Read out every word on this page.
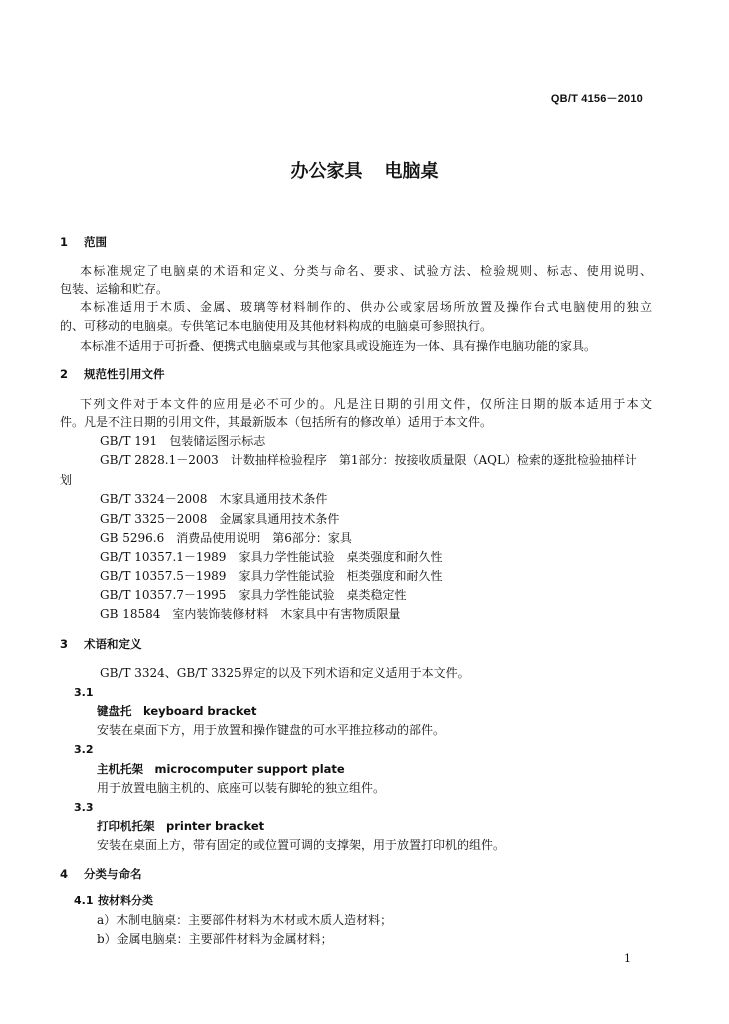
QB/T 4156－2010
办公家具 电脑桌
1 范围
本标准规定了电脑桌的术语和定义、分类与命名、要求、试验方法、检验规则、标志、使用说明、
包装、运输和贮存。
本标准适用于木质、金属、玻璃等材料制作的、供办公或家居场所放置及操作台式电脑使用的独立
的、可移动的电脑桌。专供笔记本电脑使用及其他材料构成的电脑桌可参照执行。
本标准不适用于可折叠、便携式电脑桌或与其他家具或设施连为一体、具有操作电脑功能的家具。
2 规范性引用文件
下列文件对于本文件的应用是必不可少的。凡是注日期的引用文件，仅所注日期的版本适用于本文
件。凡是不注日期的引用文件，其最新版本（包括所有的修改单）适用于本文件。
GB/T 191　 包装储运图示标志
GB/T 2828.1－2003　 计数抽样检验程序　第1部分：按接收质量限（AQL）检索的逐批检验抽样计
划
GB/T 3324－2008　 木家具通用技术条件
GB/T 3325－2008　 金属家具通用技术条件
GB 5296.6　 消费品使用说明　第6部分：家具
GB/T 10357.1－1989　 家具力学性能试验　桌类强度和耐久性
GB/T 10357.5－1989　 家具力学性能试验　柜类强度和耐久性
GB/T 10357.7－1995　 家具力学性能试验　桌类稳定性
GB 18584　 室内装饰装修材料　木家具中有害物质限量
3 术语和定义
GB/T 3324、GB/T 3325界定的以及下列术语和定义适用于本文件。
3.1
键盘托　 keyboard bracket
安装在桌面下方，用于放置和操作键盘的可水平推拉移动的部件。
3.2
主机托架　 microcomputer support plate
用于放置电脑主机的、底座可以装有脚轮的独立组件。
3.3
打印机托架　 printer bracket
安装在桌面上方，带有固定的或位置可调的支撑架，用于放置打印机的组件。
4 分类与命名
4.1 按材料分类
a）木制电脑桌：主要部件材料为木材或木质人造材料；
b）金属电脑桌：主要部件材料为金属材料；
1
